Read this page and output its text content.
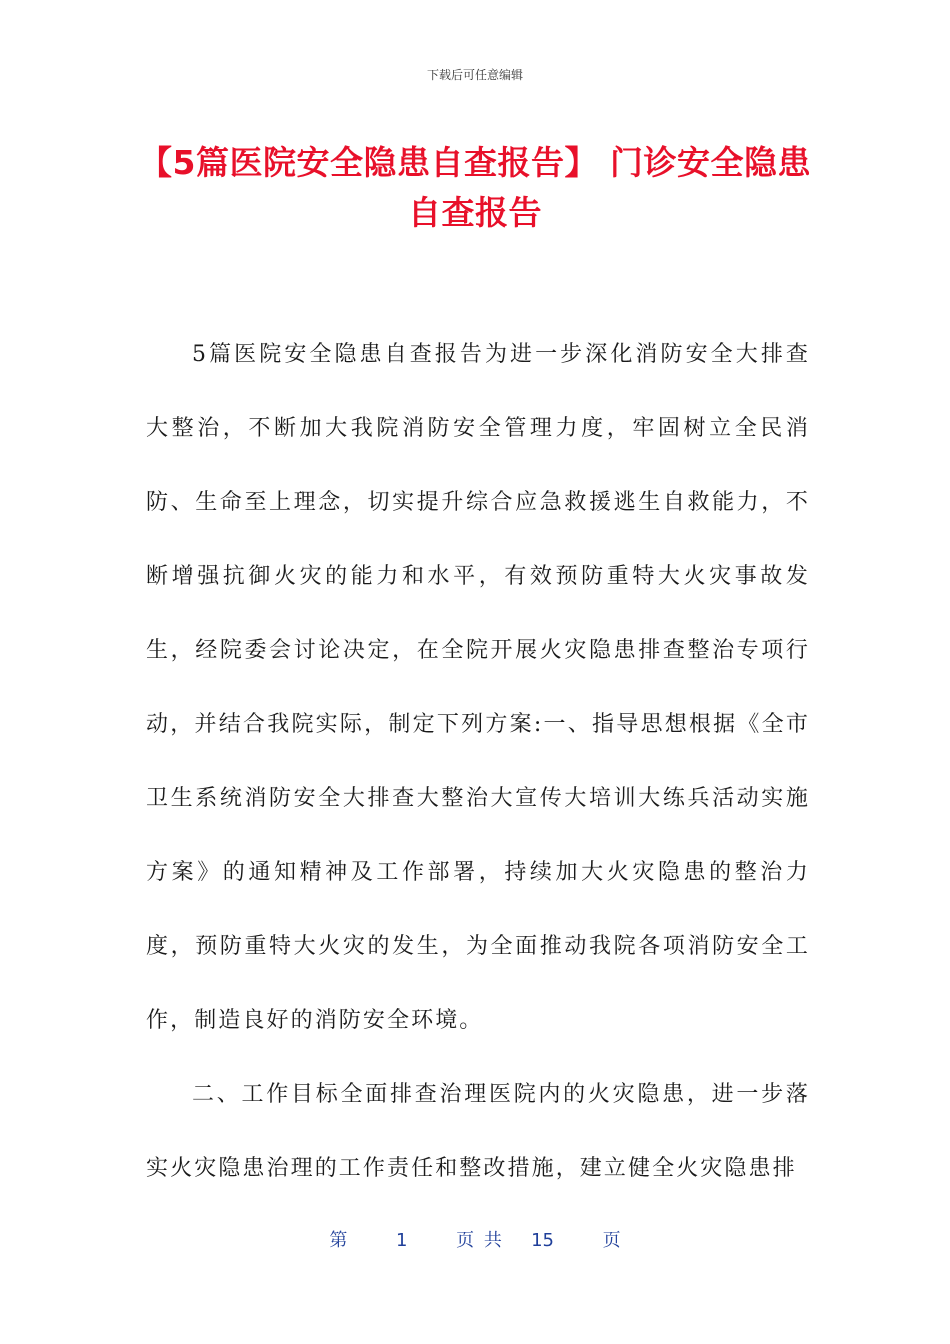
下载后可任意编辑
【5篇医院安全隐患自查报告】 门诊安全隐患自查报告

5篇医院安全隐患自查报告为进一步深化消防安全大排查大整治，不断加大我院消防安全管理力度，牢固树立全民消防、生命至上理念，切实提升综合应急救援逃生自救能力，不断增强抗御火灾的能力和水平，有效预防重特大火灾事故发生，经院委会讨论决定，在全院开展火灾隐患排查整治专项行动，并结合我院实际，制定下列方案:一、指导思想根据《全市卫生系统消防安全大排查大整治大宣传大培训大练兵活动实施方案》的通知精神及工作部署，持续加大火灾隐患的整治力度，预防重特大火灾的发生，为全面推动我院各项消防安全工作，制造良好的消防安全环境。

二、工作目标全面排查治理医院内的火灾隐患，进一步落实火灾隐患治理的工作责任和整改措施，建立健全火灾隐患排

第	1	页 共 15	页
